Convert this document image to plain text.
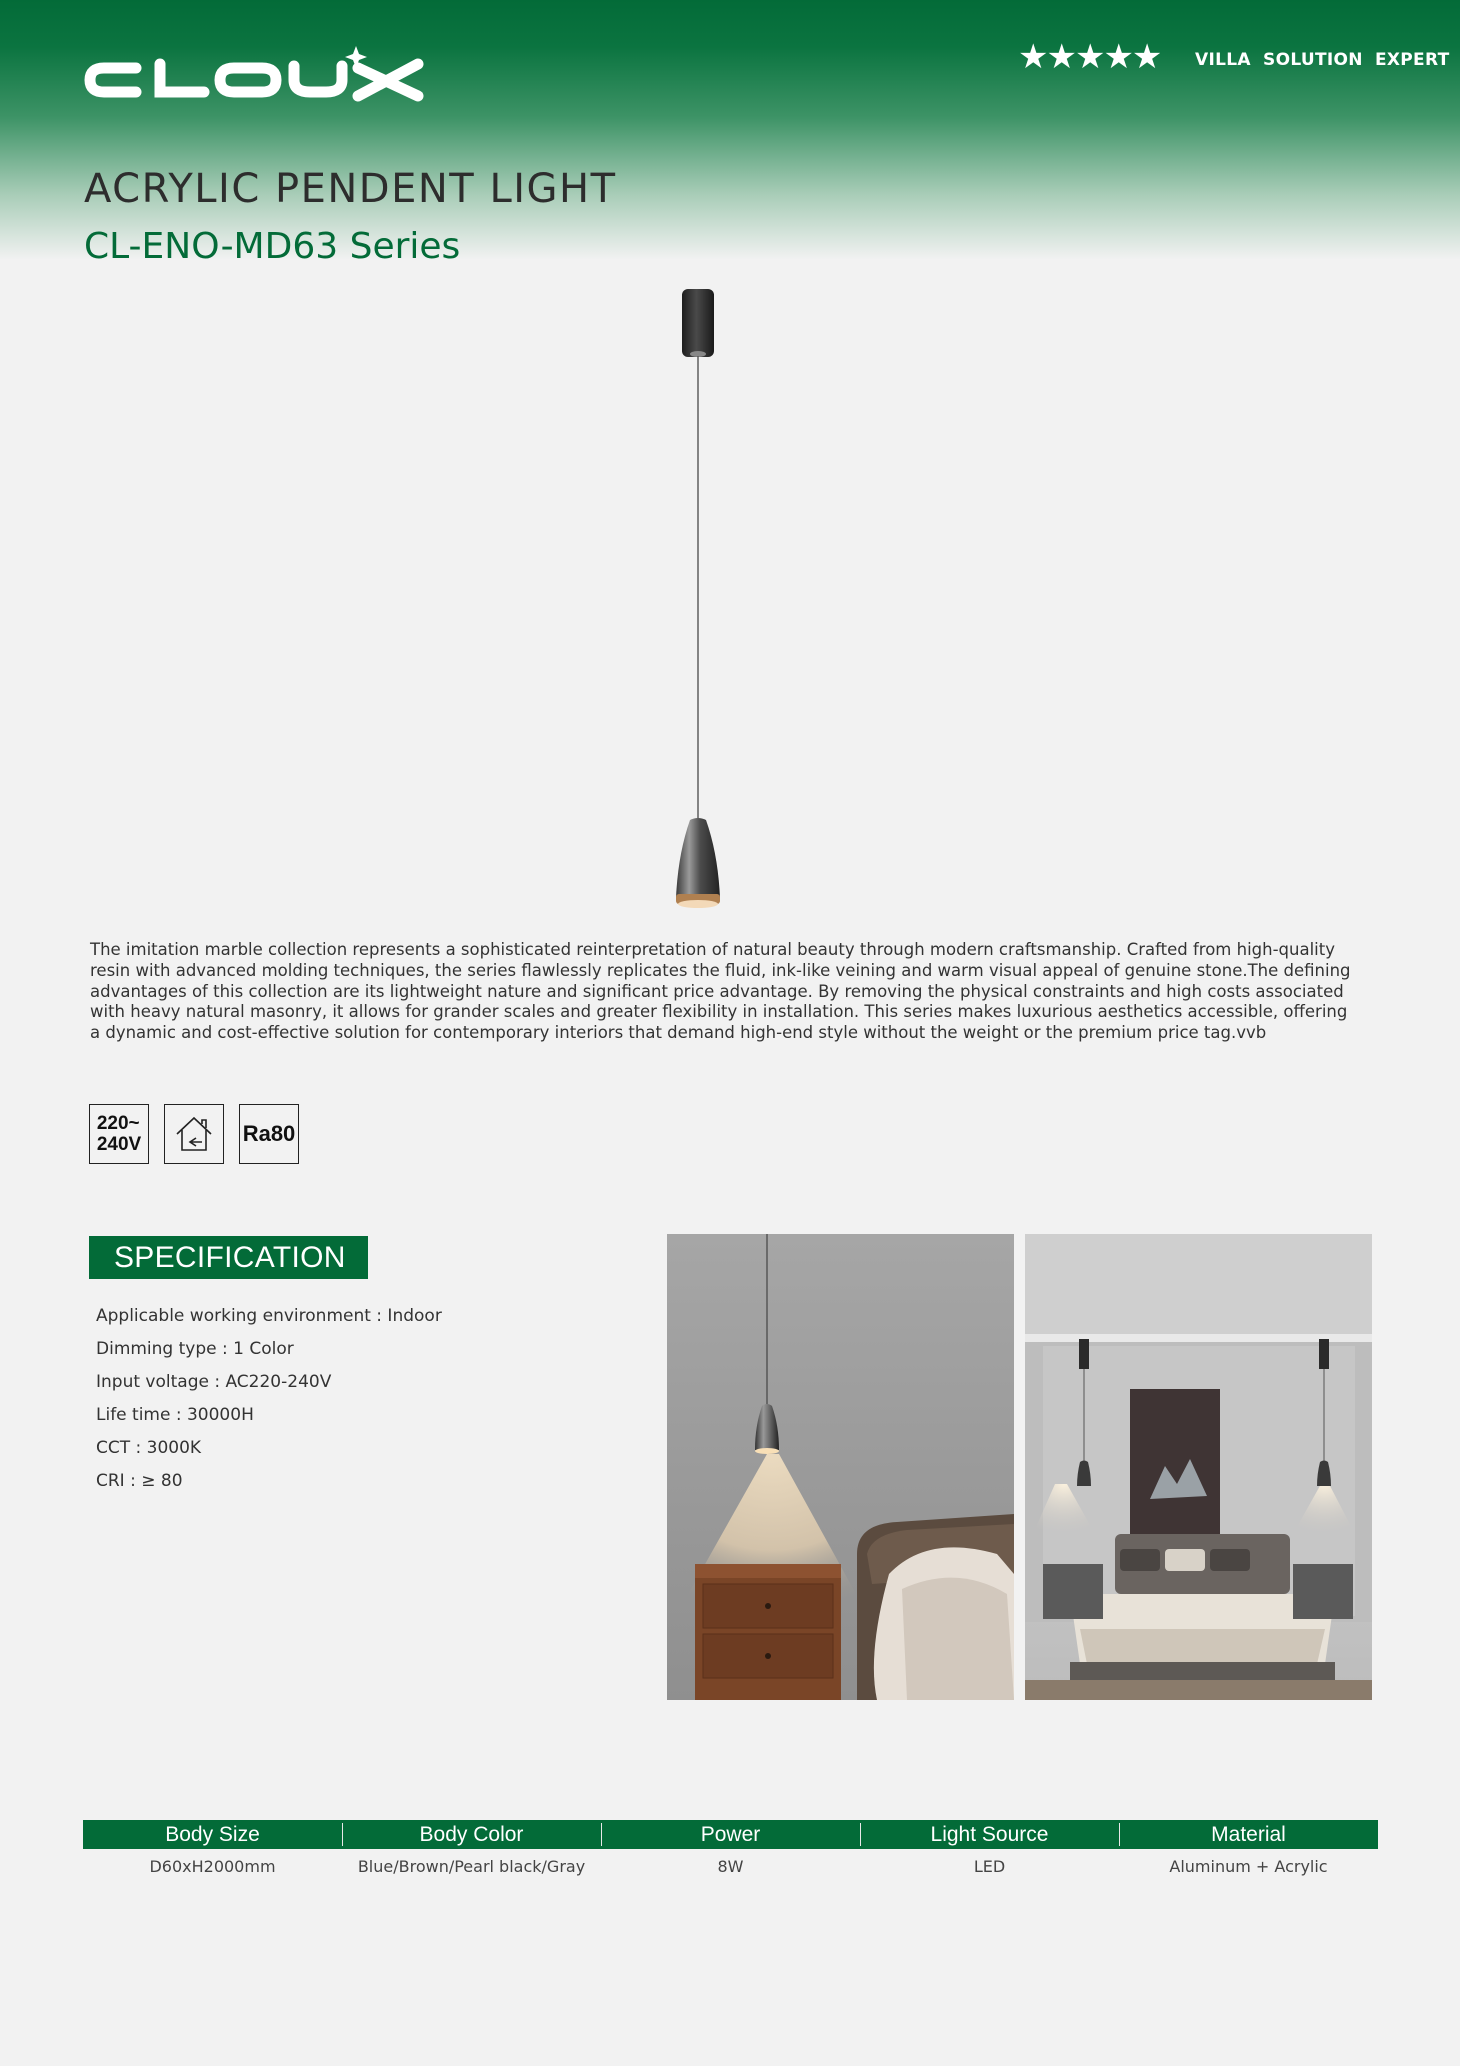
★★★★★ VILLA SOLUTION EXPERT
ACRYLIC PENDENT LIGHT
CL-ENO-MD63 Series

The imitation marble collection represents a sophisticated reinterpretation of natural beauty through modern craftsmanship. Crafted from high-quality resin with advanced molding techniques, the series flawlessly replicates the fluid, ink-like veining and warm visual appeal of genuine stone.The defining advantages of this collection are its lightweight nature and significant price advantage. By removing the physical constraints and high costs associated with heavy natural masonry, it allows for grander scales and greater flexibility in installation. This series makes luxurious aesthetics accessible, offering a dynamic and cost-effective solution for contemporary interiors that demand high-end style without the weight or the premium price tag.vvb

220~
240V	Ra80
SPECIFICATION
Applicable working environment : Indoor
Dimming type : 1 Color
Input voltage : AC220-240V
Life time : 30000H
CCT : 3000K
CRI : ≥ 80
Body Size	Body Color	Power	Light Source	Material
D60xH2000mm	Blue/Brown/Pearl black/Gray	8W	LED	Aluminum + Acrylic
